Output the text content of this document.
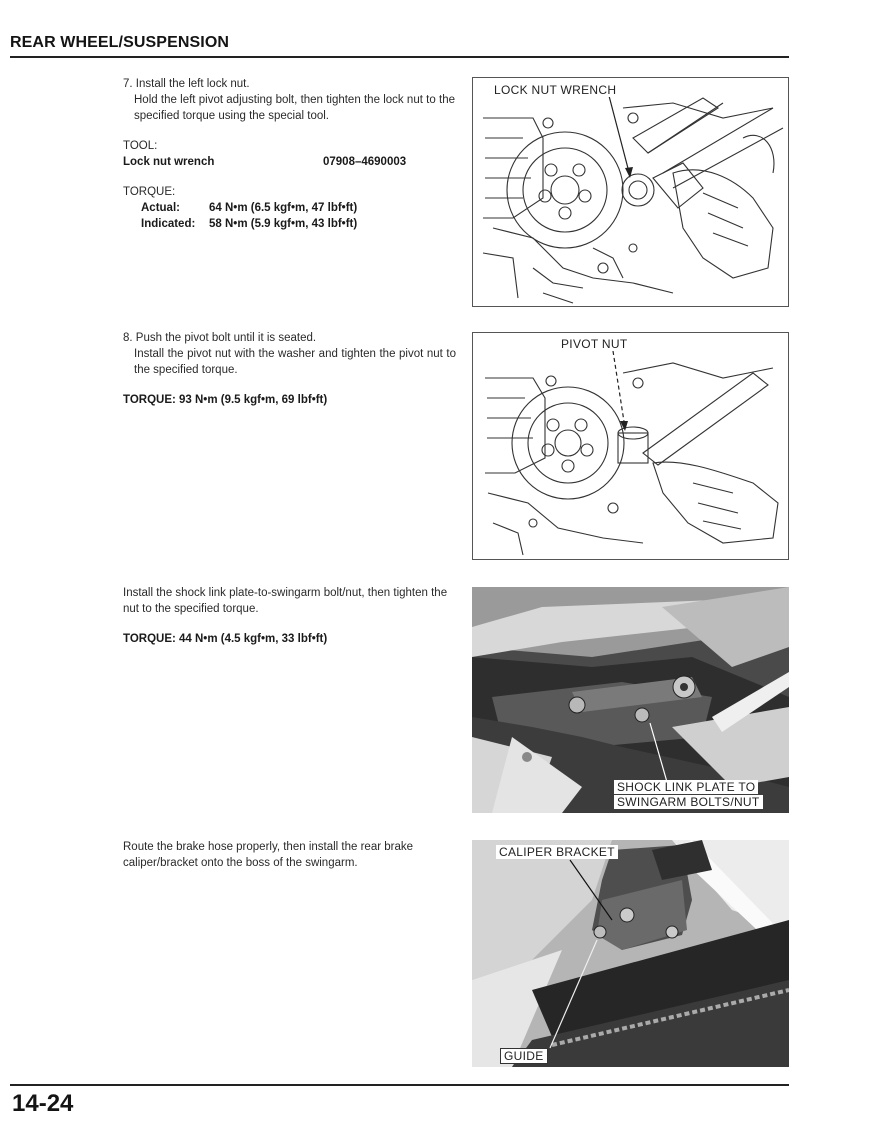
REAR WHEEL/SUSPENSION
7. Install the left lock nut.
Hold the left pivot adjusting bolt, then tighten the lock nut to the specified torque using the special tool.
TOOL:
Lock nut wrench	07908–4690003
TORQUE:
Actual:	64 N•m (6.5 kgf•m, 47 lbf•ft)
Indicated:	58 N•m (5.9 kgf•m, 43 lbf•ft)
LOCK NUT WRENCH
8. Push the pivot bolt until it is seated.
Install the pivot nut with the washer and tighten the pivot nut to the specified torque.
TORQUE: 93 N•m (9.5 kgf•m, 69 lbf•ft)
PIVOT NUT
Install the shock link plate-to-swingarm bolt/nut, then tighten the nut to the specified torque.
TORQUE: 44 N•m (4.5 kgf•m, 33 lbf•ft)
SHOCK LINK PLATE TO
SWINGARM BOLTS/NUT
Route the brake hose properly, then install the rear brake caliper/bracket onto the boss of the swingarm.
CALIPER BRACKET
GUIDE
14-24
